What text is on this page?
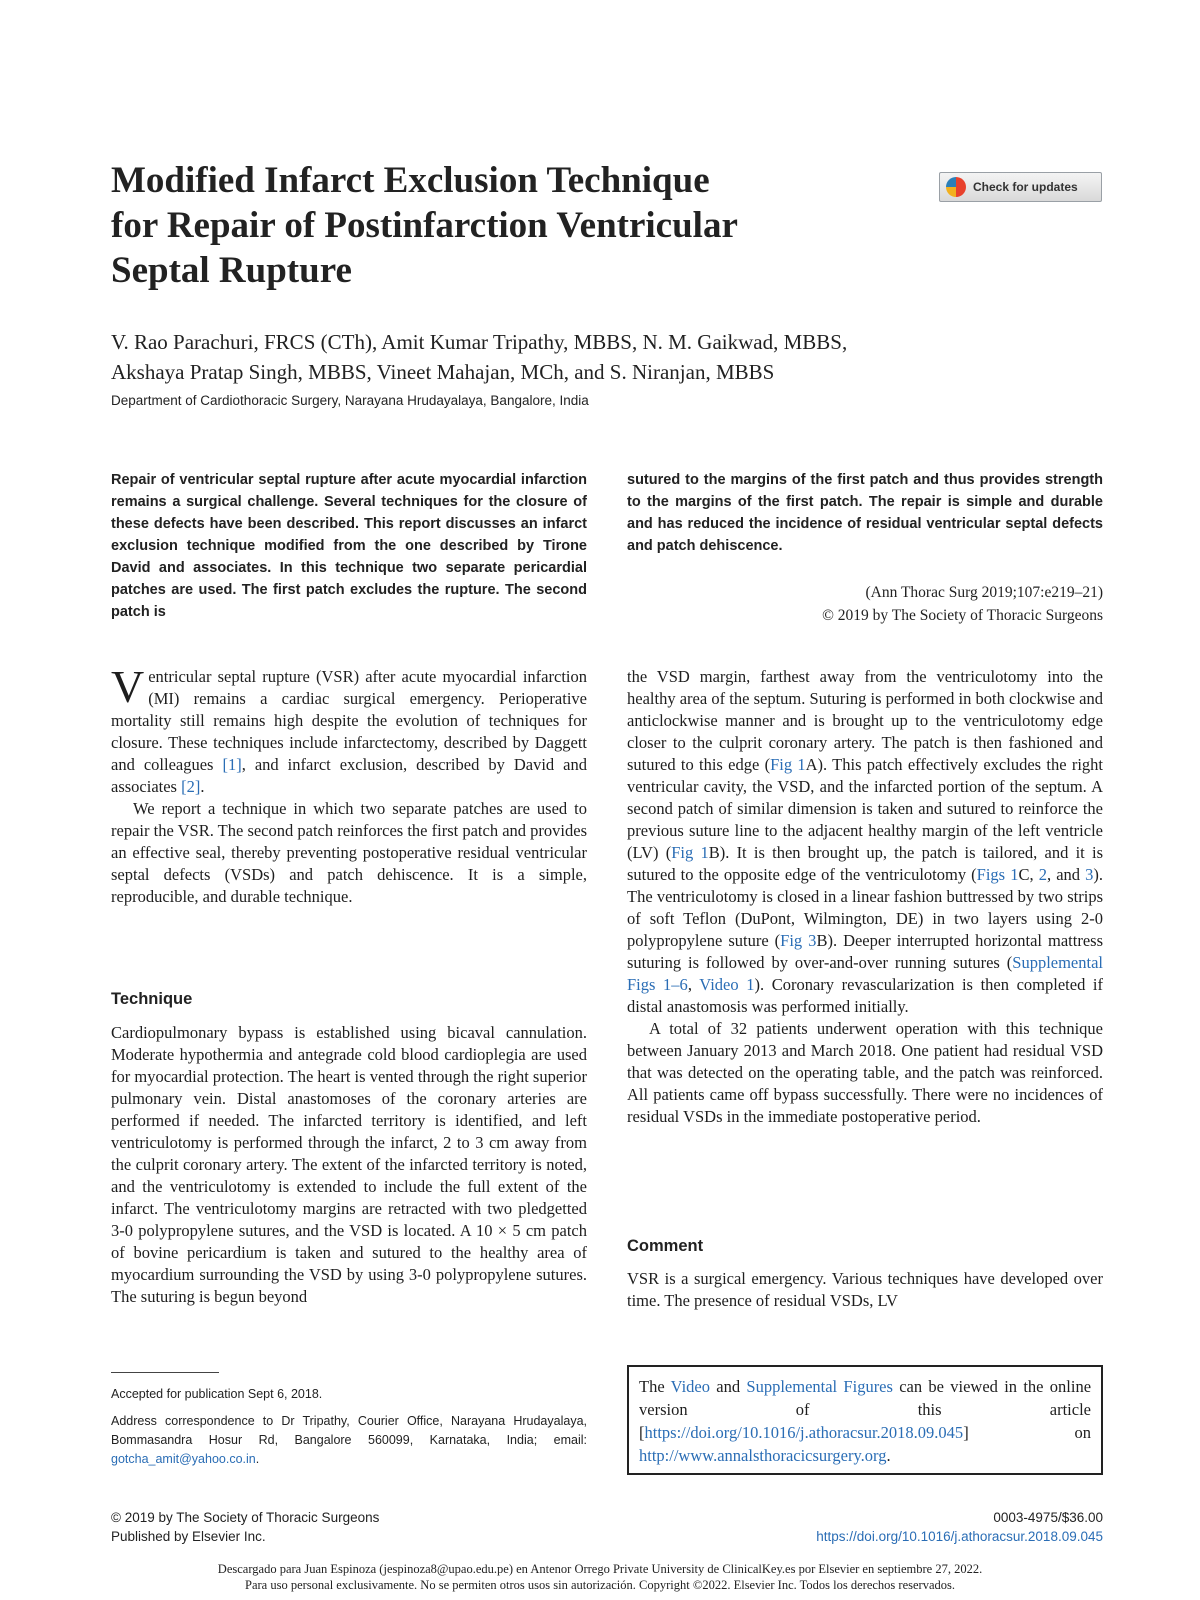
Modified Infarct Exclusion Technique
for Repair of Postinfarction Ventricular
Septal Rupture
Check for updates
V. Rao Parachuri, FRCS (CTh), Amit Kumar Tripathy, MBBS, N. M. Gaikwad, MBBS,
Akshaya Pratap Singh, MBBS, Vineet Mahajan, MCh, and S. Niranjan, MBBS
Department of Cardiothoracic Surgery, Narayana Hrudayalaya, Bangalore, India
Repair of ventricular septal rupture after acute myocardial infarction remains a surgical challenge. Several techniques for the closure of these defects have been described. This report discusses an infarct exclusion technique modified from the one described by Tirone David and associates. In this technique two separate pericardial patches are used. The first patch excludes the rupture. The second patch is
sutured to the margins of the first patch and thus provides strength to the margins of the first patch. The repair is simple and durable and has reduced the incidence of residual ventricular septal defects and patch dehiscence.
(Ann Thorac Surg 2019;107:e219–21)
© 2019 by The Society of Thoracic Surgeons

Ventricular septal rupture (VSR) after acute myocardial infarction (MI) remains a cardiac surgical emergency. Perioperative mortality still remains high despite the evolution of techniques for closure. These techniques include infarctectomy, described by Daggett and colleagues [1], and infarct exclusion, described by David and associates [2].

We report a technique in which two separate patches are used to repair the VSR. The second patch reinforces the first patch and provides an effective seal, thereby preventing postoperative residual ventricular septal defects (VSDs) and patch dehiscence. It is a simple, reproducible, and durable technique.

Technique

Cardiopulmonary bypass is established using bicaval cannulation. Moderate hypothermia and antegrade cold blood cardioplegia are used for myocardial protection. The heart is vented through the right superior pulmonary vein. Distal anastomoses of the coronary arteries are performed if needed. The infarcted territory is identified, and left ventriculotomy is performed through the infarct, 2 to 3 cm away from the culprit coronary artery. The extent of the infarcted territory is noted, and the ventriculotomy is extended to include the full extent of the infarct. The ventriculotomy margins are retracted with two pledgetted 3-0 polypropylene sutures, and the VSD is located. A 10 × 5 cm patch of bovine pericardium is taken and sutured to the healthy area of myocardium surrounding the VSD by using 3-0 polypropylene sutures. The suturing is begun beyond

the VSD margin, farthest away from the ventriculotomy into the healthy area of the septum. Suturing is performed in both clockwise and anticlockwise manner and is brought up to the ventriculotomy edge closer to the culprit coronary artery. The patch is then fashioned and sutured to this edge (Fig 1A). This patch effectively excludes the right ventricular cavity, the VSD, and the infarcted portion of the septum. A second patch of similar dimension is taken and sutured to reinforce the previous suture line to the adjacent healthy margin of the left ventricle (LV) (Fig 1B). It is then brought up, the patch is tailored, and it is sutured to the opposite edge of the ventriculotomy (Figs 1C, 2, and 3). The ventriculotomy is closed in a linear fashion buttressed by two strips of soft Teflon (DuPont, Wilmington, DE) in two layers using 2-0 polypropylene suture (Fig 3B). Deeper interrupted horizontal mattress suturing is followed by over-and-over running sutures (Supplemental Figs 1–6, Video 1). Coronary revascularization is then completed if distal anastomosis was performed initially.

A total of 32 patients underwent operation with this technique between January 2013 and March 2018. One patient had residual VSD that was detected on the operating table, and the patch was reinforced. All patients came off bypass successfully. There were no incidences of residual VSDs in the immediate postoperative period.

Comment

VSR is a surgical emergency. Various techniques have developed over time. The presence of residual VSDs, LV

Accepted for publication Sept 6, 2018.

Address correspondence to Dr Tripathy, Courier Office, Narayana Hrudayalaya, Bommasandra Hosur Rd, Bangalore 560099, Karnataka, India; email: gotcha_amit@yahoo.co.in.

The Video and Supplemental Figures can be viewed in the online version of this article [https://doi.org/10.1016/j.athoracsur.2018.09.045] on http://www.annalsthoracicsurgery.org.
© 2019 by The Society of Thoracic Surgeons
Published by Elsevier Inc.
0003-4975/$36.00
https://doi.org/10.1016/j.athoracsur.2018.09.045
Descargado para Juan Espinoza (jespinoza8@upao.edu.pe) en Antenor Orrego Private University de ClinicalKey.es por Elsevier en septiembre 27, 2022.
Para uso personal exclusivamente. No se permiten otros usos sin autorización. Copyright ©2022. Elsevier Inc. Todos los derechos reservados.
